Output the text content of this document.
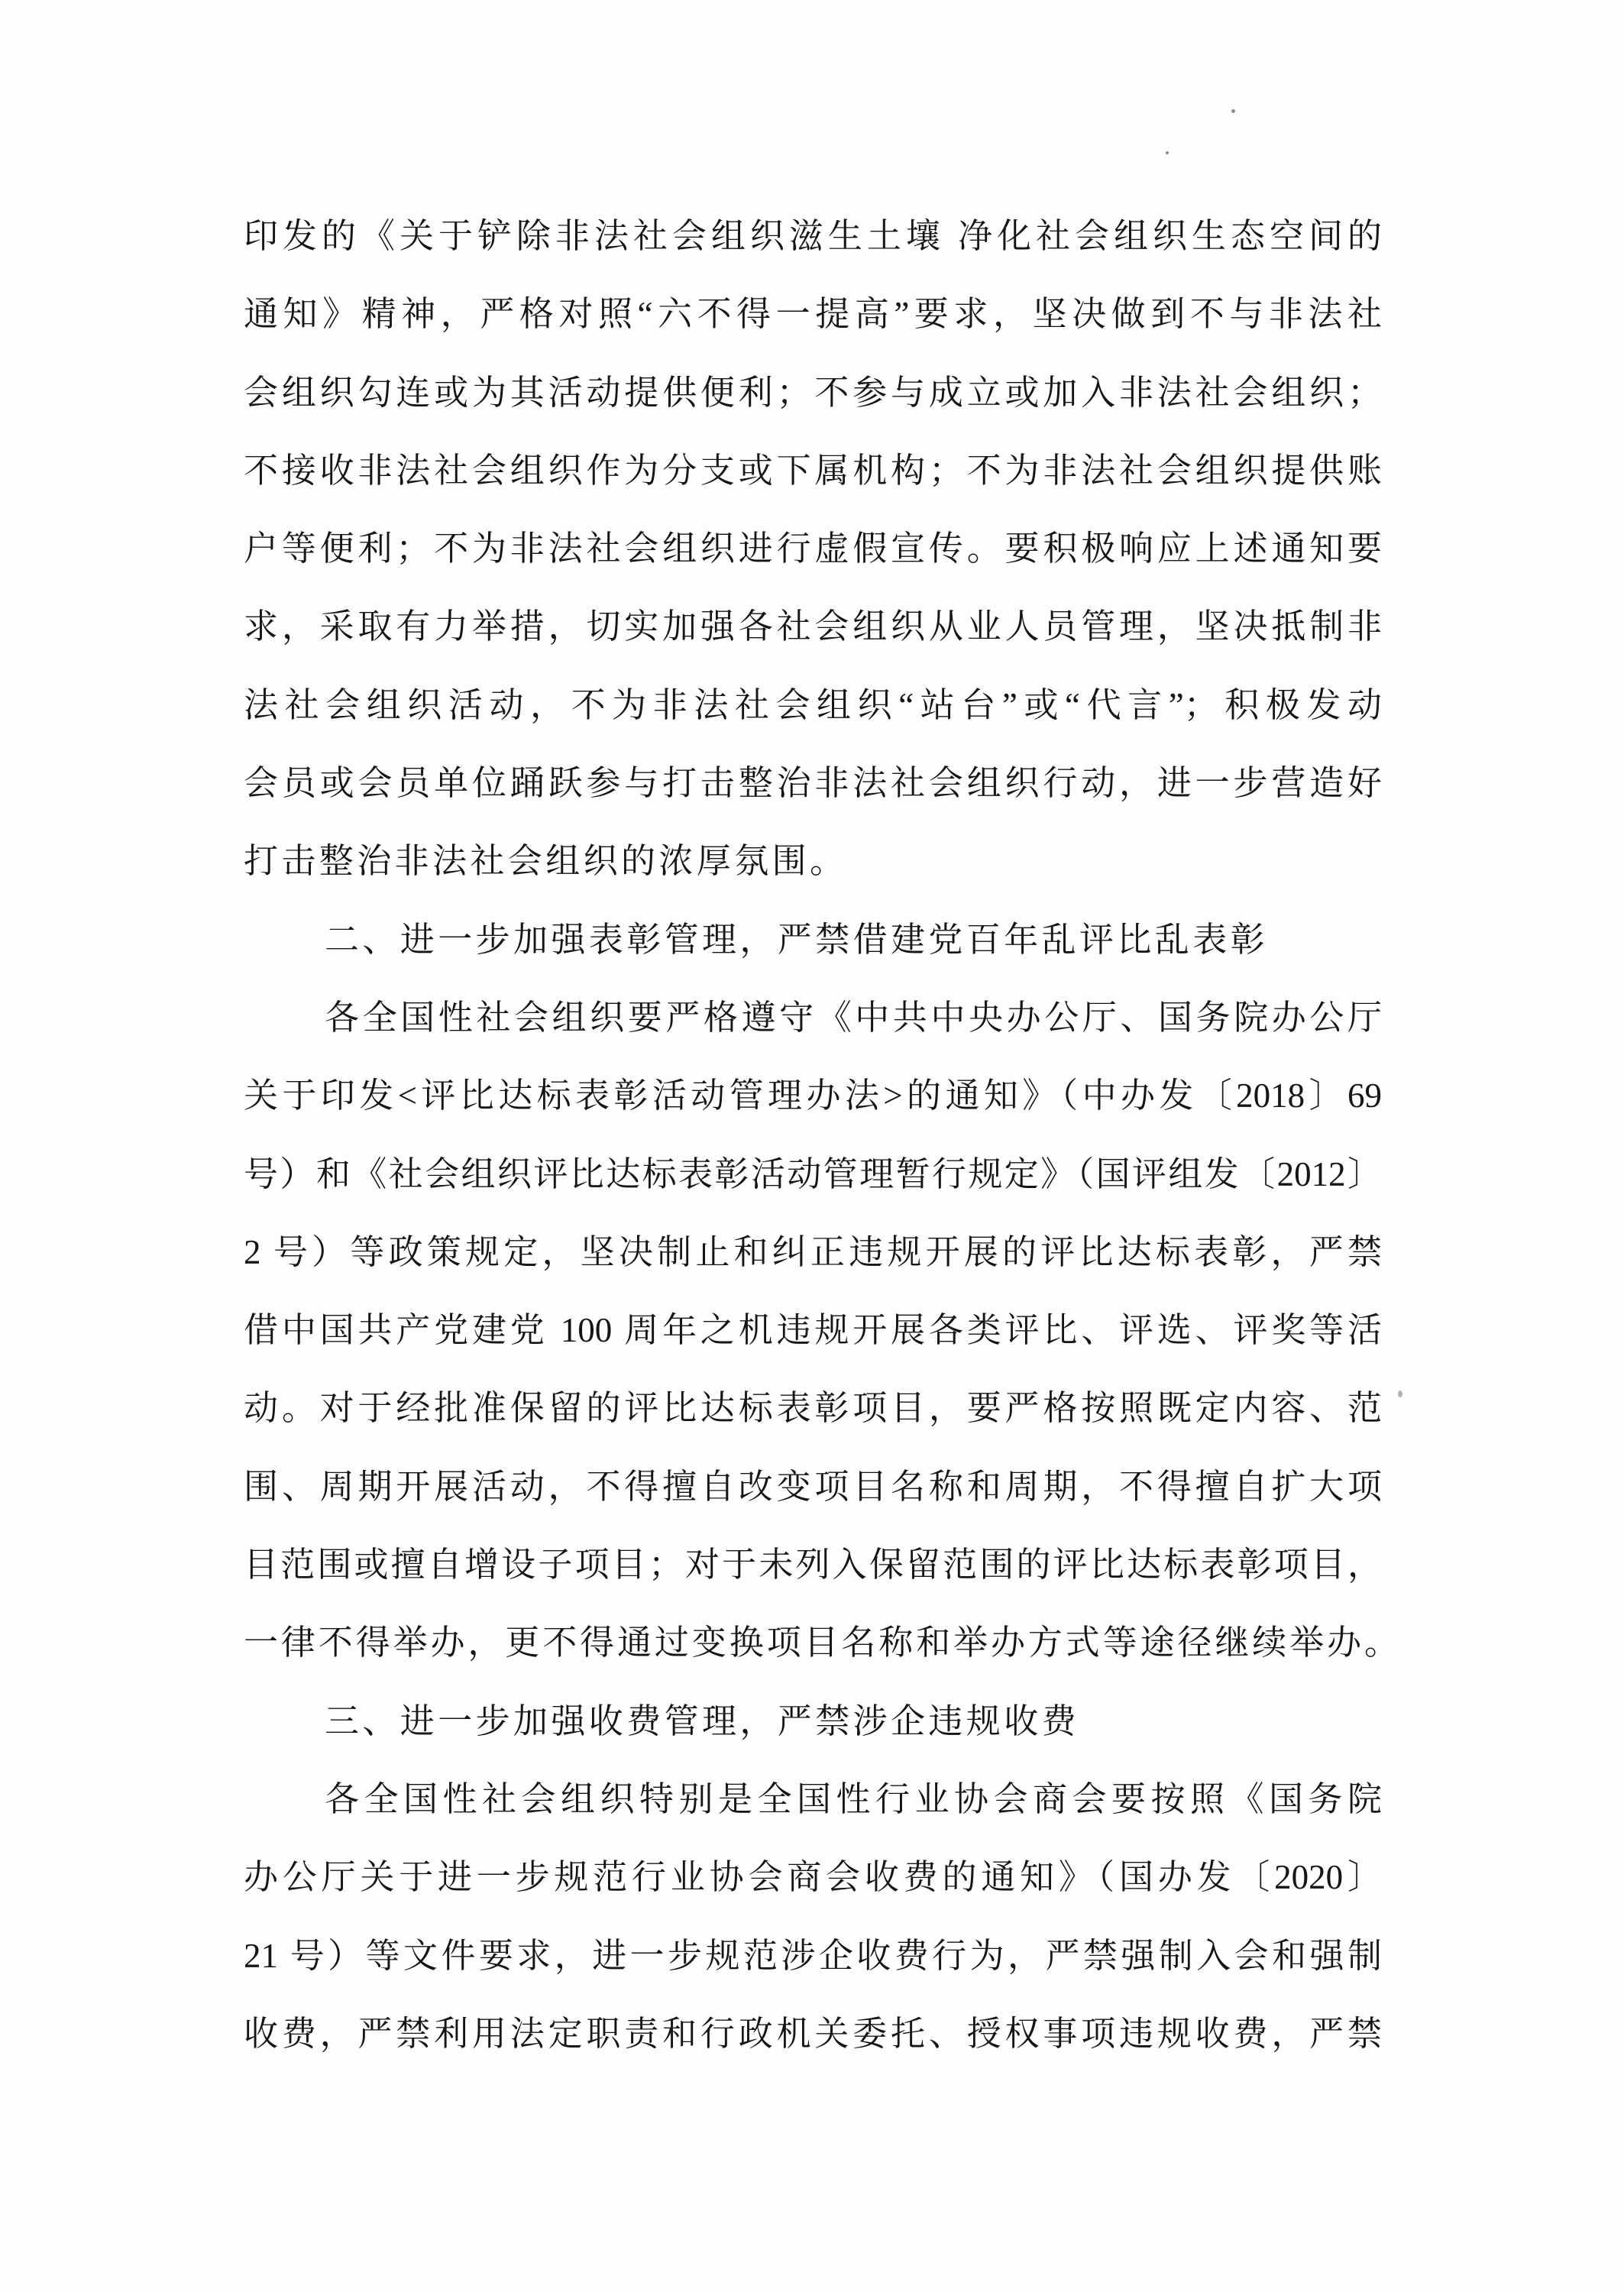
印发的《关于铲除非法社会组织滋生土壤 净化社会组织生态空间的
通知》精神，严格对照“六不得一提高”要求，坚决做到不与非法社
会组织勾连或为其活动提供便利；不参与成立或加入非法社会组织；
不接收非法社会组织作为分支或下属机构；不为非法社会组织提供账
户等便利；不为非法社会组织进行虚假宣传。要积极响应上述通知要
求，采取有力举措，切实加强各社会组织从业人员管理，坚决抵制非
法社会组织活动，不为非法社会组织“站台”或“代言”；积极发动
会员或会员单位踊跃参与打击整治非法社会组织行动，进一步营造好
打击整治非法社会组织的浓厚氛围。
二、进一步加强表彰管理，严禁借建党百年乱评比乱表彰
各全国性社会组织要严格遵守《中共中央办公厅、国务院办公厅
关于印发<评比达标表彰活动管理办法>的通知》（中办发〔2018〕69
号）和《社会组织评比达标表彰活动管理暂行规定》（国评组发〔2012〕
2 号）等政策规定，坚决制止和纠正违规开展的评比达标表彰，严禁
借中国共产党建党 100 周年之机违规开展各类评比、评选、评奖等活
动。对于经批准保留的评比达标表彰项目，要严格按照既定内容、范
围、周期开展活动，不得擅自改变项目名称和周期，不得擅自扩大项
目范围或擅自增设子项目；对于未列入保留范围的评比达标表彰项目，
一律不得举办，更不得通过变换项目名称和举办方式等途径继续举办。
三、进一步加强收费管理，严禁涉企违规收费
各全国性社会组织特别是全国性行业协会商会要按照《国务院
办公厅关于进一步规范行业协会商会收费的通知》（国办发〔2020〕
21 号）等文件要求，进一步规范涉企收费行为，严禁强制入会和强制
收费，严禁利用法定职责和行政机关委托、授权事项违规收费，严禁
